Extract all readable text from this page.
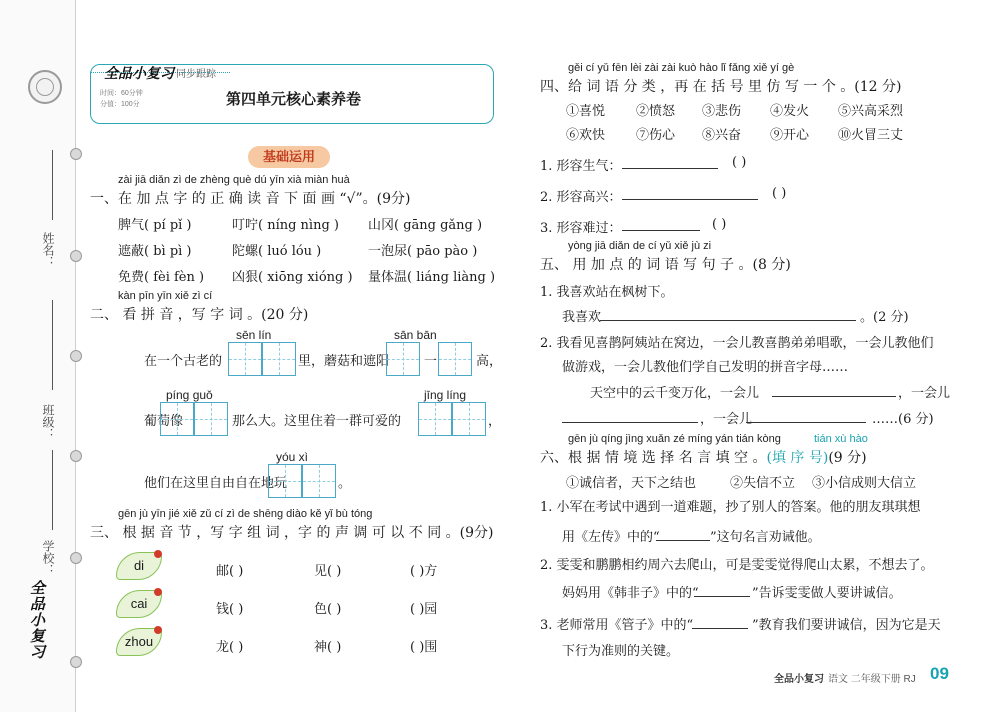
姓名：
班级：
学校：
全品小复习
全品小复习 同步跟踪
时间：60分钟
分值：100分	第四单元核心素养卷
基础运用
zài jiā diǎn zì de zhèng què dú yīn xià miàn huà
一、在 加 点 字 的 正 确 读 音 下 面 画 “√”。(9分)
脾气( pí pǐ )	叮咛( níng nìng ) 山冈( gāng gǎng )
遮蔽( bì pì )	陀螺( luó lóu )	一泡尿( pāo pào )
免费( fèi fèn ) 凶狠( xiōng xióng ) 量体温( liáng liàng )
kàn pīn yīn xiě zì cí
二、 看 拼 音 ，写 字 词 。(20 分)
sēn lín	sān bān
在一个古老的	里，蘑菇和遮阳	一	高，
píng guǒ	jīng líng
葡萄像	那么大。这里住着一群可爱的	，
yóu xì
他们在这里自由自在地玩	。
gēn jù yīn jié xiě zǔ cí zì de shēng diào kě yǐ bù tóng
三、 根 据 音 节 ，写 字 组 词 ，字 的 声 调 可 以 不 同 。(9分)
di	邮( )	见( )	( )方
cai	钱( )	色( )	( )园
zhou	龙( )	神( )	( )围
gěi cí yǔ fēn lèi zài zài kuò hào lǐ fǎng xiě yí gè
四、给 词 语 分 类 ，再 在 括 号 里 仿 写 一 个 。(12 分)
①喜悦 ②愤怒 ③悲伤 ④发火 ⑤兴高采烈
⑥欢快 ⑦伤心 ⑧兴奋 ⑨开心 ⑩火冒三丈
1. 形容生气：	( )
2. 形容高兴：	( )
3. 形容难过：	( )
yòng jiā diǎn de cí yǔ xiě jù zi
五、 用 加 点 的 词 语 写 句 子 。(8 分)
1. 我喜欢站在枫树下。
我喜欢	。(2 分)
2. 我看见喜鹊阿姨站在窝边，一会儿教喜鹊弟弟唱歌，一会儿教他们
做游戏，一会儿教他们学自己发明的拼音字母……
天空中的云千变万化，一会儿	，一会儿
，一会儿	……(6 分)
gēn jù qíng jìng xuǎn zé míng yán tián kòng	tián xù hào
六、根 据 情 境 选 择 名 言 填 空 。(填 序 号)(9 分)
①诚信者，天下之结也	②失信不立 ③小信成则大信立
1. 小军在考试中遇到一道难题，抄了别人的答案。他的朋友琪琪想
用《左传》中的“	”这句名言劝诫他。
2. 雯雯和鹏鹏相约周六去爬山，可是雯雯觉得爬山太累，不想去了。
妈妈用《韩非子》中的“	”告诉雯雯做人要讲诚信。
3. 老师常用《管子》中的“	”教育我们要讲诚信，因为它是天
下行为准则的关键。
全品小复习 语文 二年级下册 RJ 09
